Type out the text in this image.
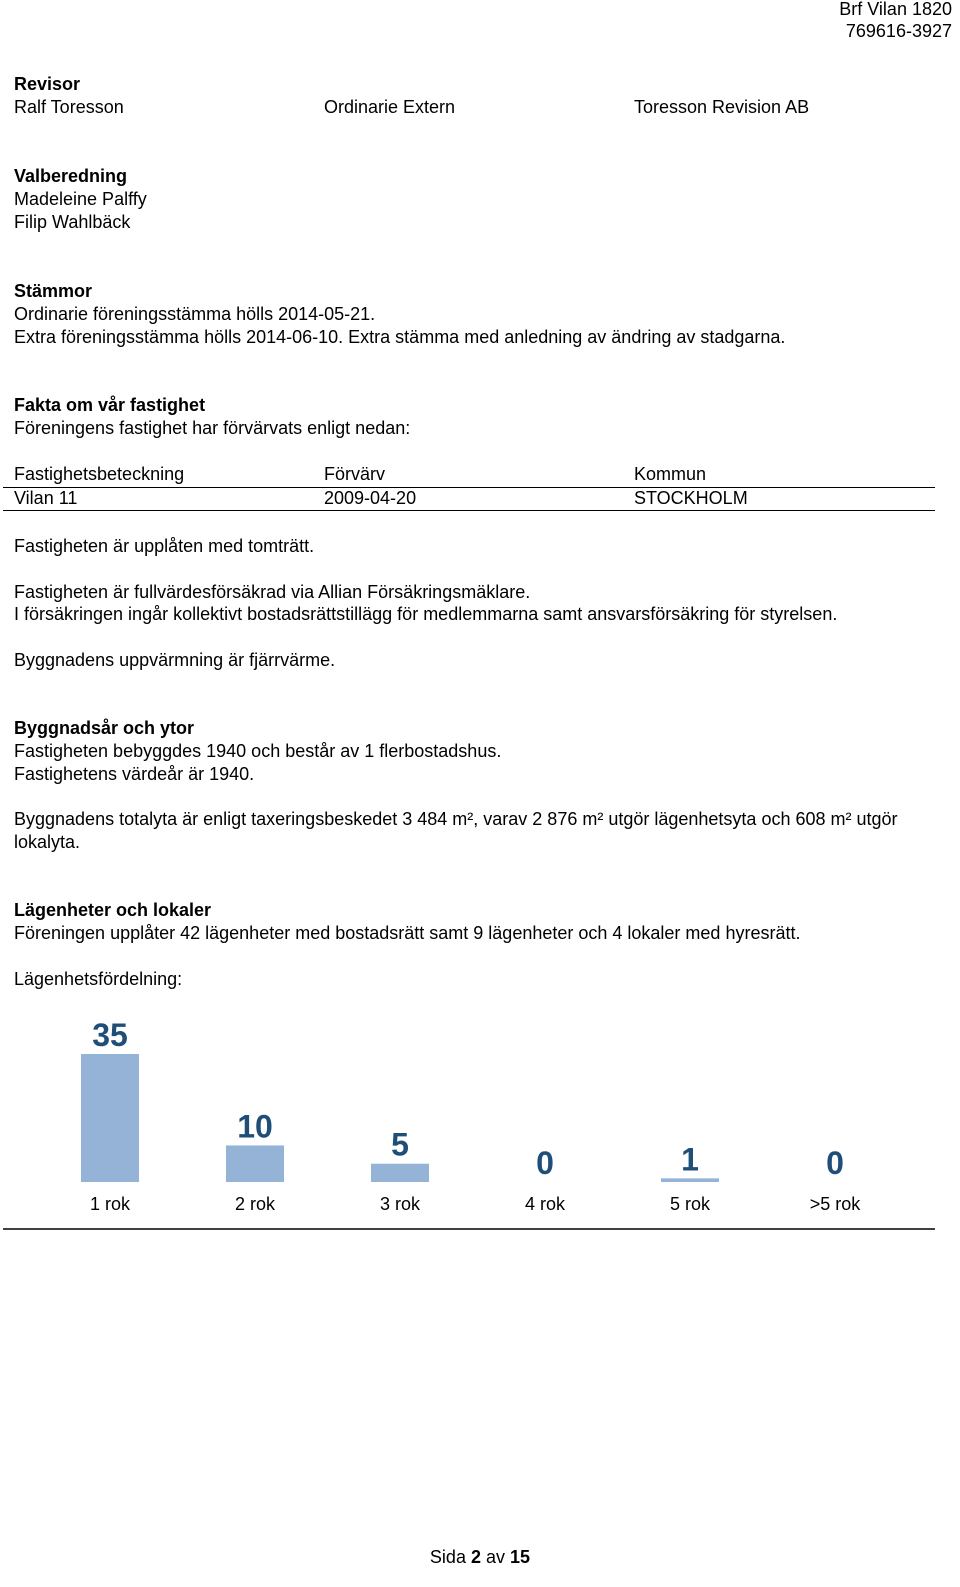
Brf Vilan 1820
769616-3927
Revisor
Ralf Toresson	Ordinarie Extern	Toresson Revision AB
Valberedning
Madeleine Palffy
Filip Wahlbäck
Stämmor
Ordinarie föreningsstämma hölls 2014-05-21.
Extra föreningsstämma hölls 2014-06-10. Extra stämma med anledning av ändring av stadgarna.
Fakta om vår fastighet
Föreningens fastighet har förvärvats enligt nedan:
Fastighetsbeteckning	Förvärv	Kommun
Vilan 11	2009-04-20	STOCKHOLM
Fastigheten är upplåten med tomträtt.
Fastigheten är fullvärdesförsäkrad via Allian Försäkringsmäklare.
I försäkringen ingår kollektivt bostadsrättstillägg för medlemmarna samt ansvarsförsäkring för styrelsen.
Byggnadens uppvärmning är fjärrvärme.
Byggnadsår och ytor
Fastigheten bebyggdes 1940 och består av 1 flerbostadshus.
Fastighetens värdeår är 1940.
Byggnadens totalyta är enligt taxeringsbeskedet 3 484 m², varav 2 876 m² utgör lägenhetsyta och 608 m² utgör
lokalyta.
Lägenheter och lokaler
Föreningen upplåter 42 lägenheter med bostadsrätt samt 9 lägenheter och 4 lokaler med hyresrätt.
Lägenhetsfördelning:
35
1 rok
10
2 rok
5
3 rok
0
4 rok
1
5 rok
0
>5 rok
Sida 2 av 15
